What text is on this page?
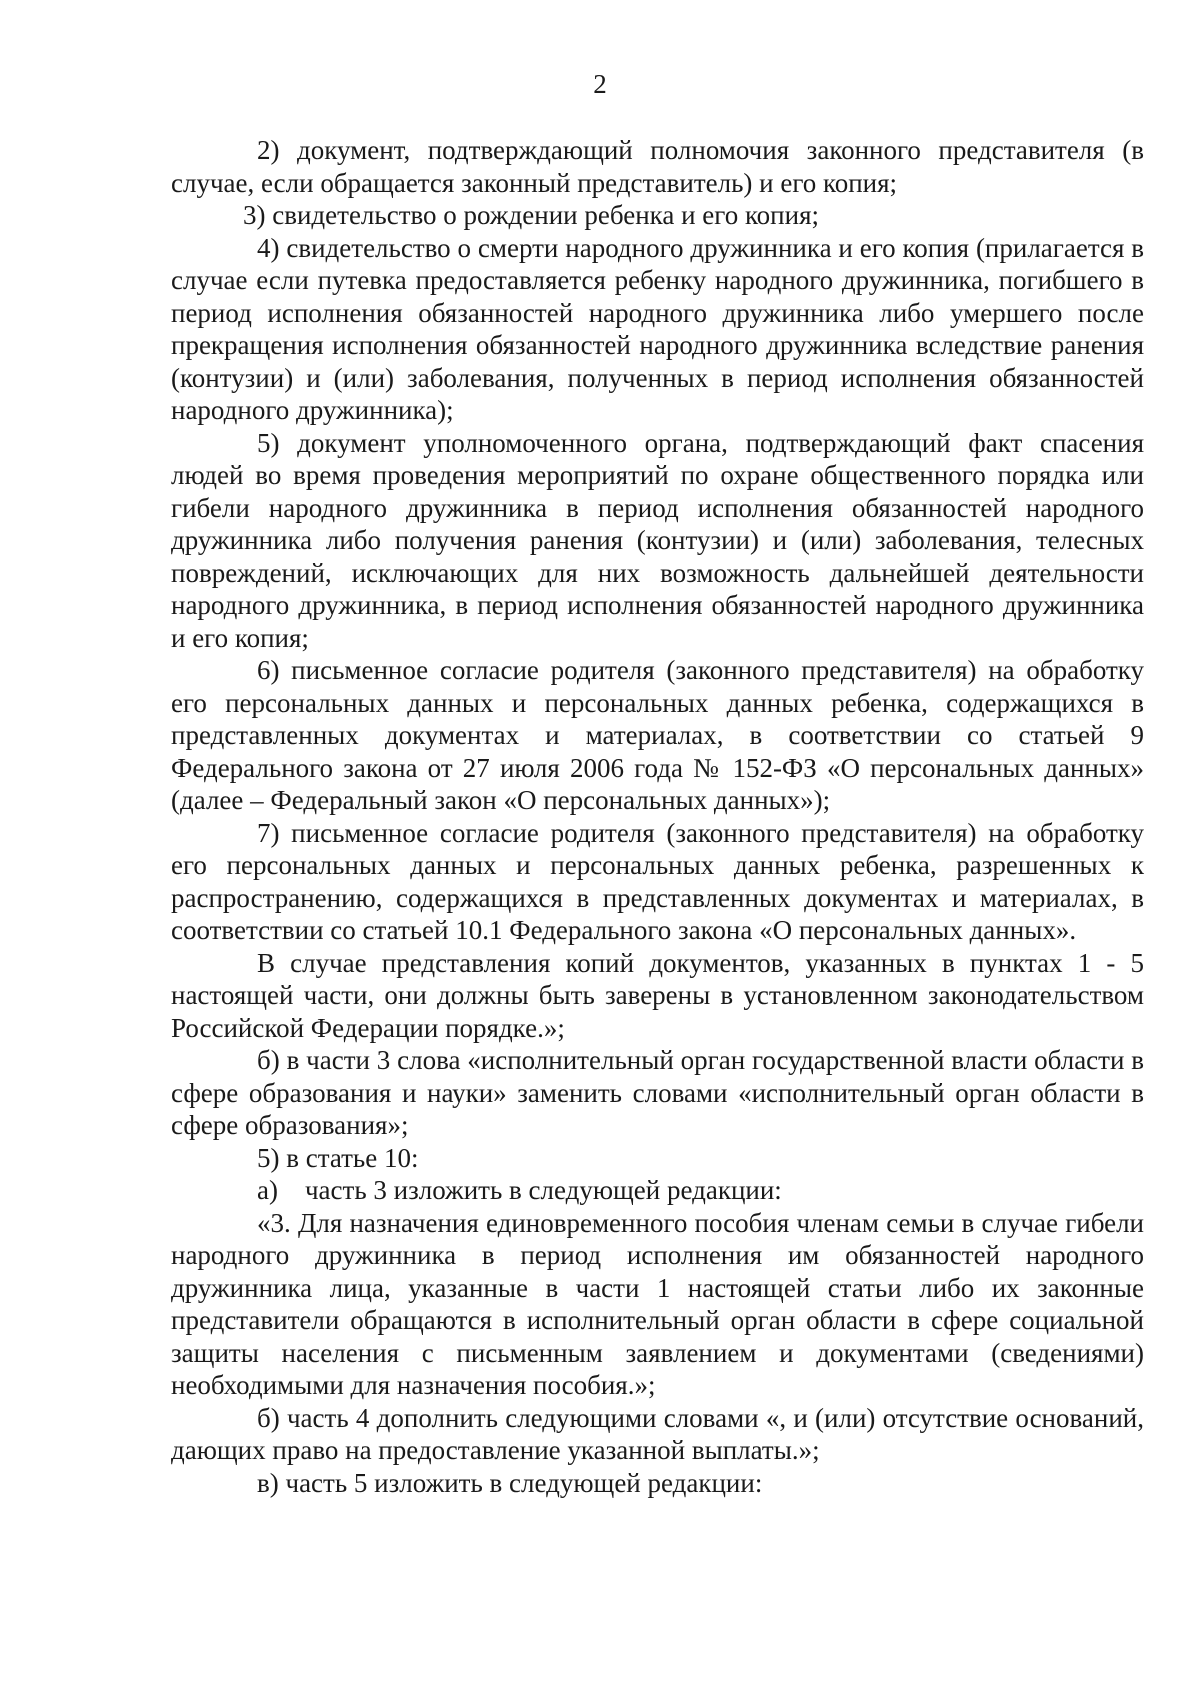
2

2) документ, подтверждающий полномочия законного представителя (в случае, если обращается законный представитель) и его копия;

3) свидетельство о рождении ребенка и его копия;

4) свидетельство о смерти народного дружинника и его копия (прилагается в случае если путевка предоставляется ребенку народного дружинника, погибшего в период исполнения обязанностей народного дружинника либо умершего после прекращения исполнения обязанностей народного дружинника вследствие ранения (контузии) и (или) заболевания, полученных в период исполнения обязанностей народного дружинника);

5) документ уполномоченного органа, подтверждающий факт спасения людей во время проведения мероприятий по охране общественного порядка или гибели народного дружинника в период исполнения обязанностей народного дружинника либо получения ранения (контузии) и (или) заболевания, телесных повреждений, исключающих для них возможность дальнейшей деятельности народного дружинника, в период исполнения обязанностей народного дружинника и его копия;

6) письменное согласие родителя (законного представителя) на обработку его персональных данных и персональных данных ребенка, содержащихся в представленных документах и материалах, в соответствии со статьей 9 Федерального закона от 27 июля 2006 года № 152-ФЗ «О персональных данных» (далее – Федеральный закон «О персональных данных»);

7) письменное согласие родителя (законного представителя) на обработку его персональных данных и персональных данных ребенка, разрешенных к распространению, содержащихся в представленных документах и материалах, в соответствии со статьей 10.1 Федерального закона «О персональных данных».

В случае представления копий документов, указанных в пунктах 1 - 5 настоящей части, они должны быть заверены в установленном законодательством Российской Федерации порядке.»;

б) в части 3 слова «исполнительный орган государственной власти области в сфере образования и науки» заменить словами «исполнительный орган области в сфере образования»;

5) в статье 10:

а)    часть 3 изложить в следующей редакции:

«3. Для назначения единовременного пособия членам семьи в случае гибели народного дружинника в период исполнения им обязанностей народного дружинника лица, указанные в части 1 настоящей статьи либо их законные представители обращаются в исполнительный орган области в сфере социальной защиты населения с письменным заявлением и документами (сведениями) необходимыми для назначения пособия.»;

б) часть 4 дополнить следующими словами «, и (или) отсутствие оснований, дающих право на предоставление указанной выплаты.»;

в) часть 5 изложить в следующей редакции:
